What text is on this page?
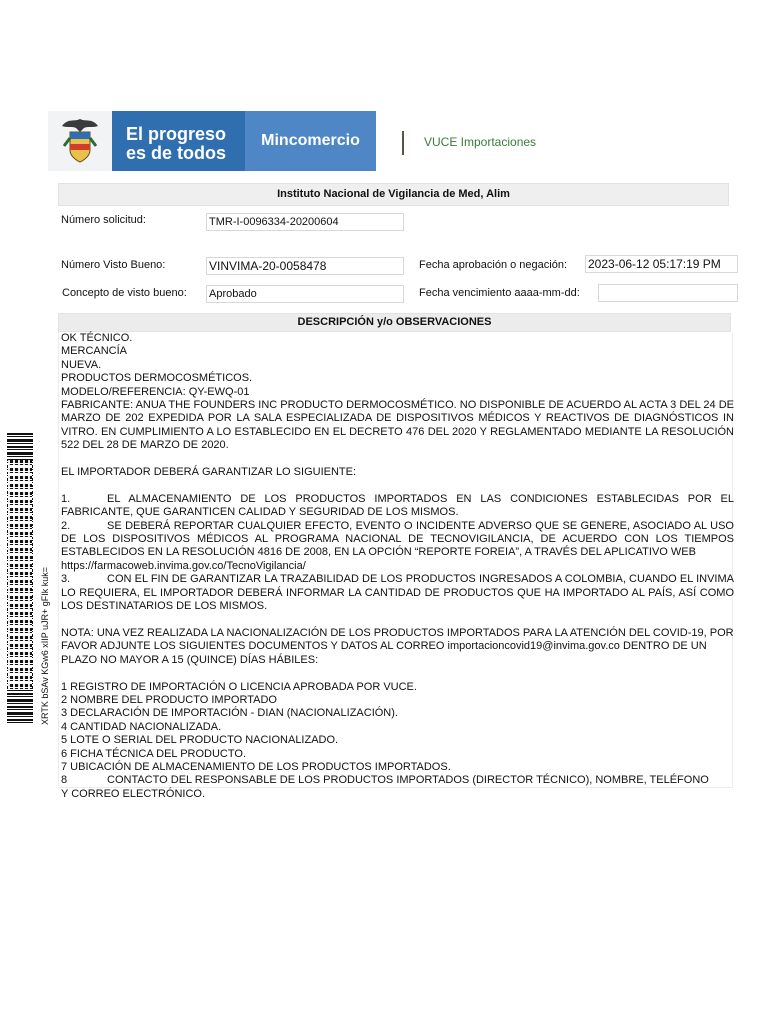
El progreso
es de todos
Mincomercio	VUCE Importaciones
Instituto Nacional de Vigilancia de Med, Alim
Número solicitud:	TMR-I-0096334-20200604
Número Visto Bueno:	VINVIMA-20-0058478	Fecha aprobación o negación: 2023-06-12 05:17:19 PM
Concepto de visto bueno: Aprobado	Fecha vencimiento aaaa-mm-dd:
DESCRIPCIÓN y/o OBSERVACIONES
OK TÉCNICO.
MERCANCÍA
NUEVA.
PRODUCTOS DERMOCOSMÉTICOS.
MODELO/REFERENCIA: QY-EWQ-01
FABRICANTE: ANUA THE FOUNDERS INC PRODUCTO DERMOCOSMÉTICO. NO DISPONIBLE DE ACUERDO AL ACTA 3 DEL 24 DE MARZO DE 202 EXPEDIDA POR LA SALA ESPECIALIZADA DE DISPOSITIVOS MÉDICOS Y REACTIVOS DE DIAGNÓSTICOS IN VITRO. EN CUMPLIMIENTO A LO ESTABLECIDO EN EL DECRETO 476 DEL 2020 Y REGLAMENTADO MEDIANTE LA RESOLUCIÓN 522 DEL 28 DE MARZO DE 2020.
EL IMPORTADOR DEBERÁ GARANTIZAR LO SIGUIENTE:
1.	EL ALMACENAMIENTO DE LOS PRODUCTOS IMPORTADOS EN LAS CONDICIONES ESTABLECIDAS POR EL FABRICANTE, QUE GARANTICEN CALIDAD Y SEGURIDAD DE LOS MISMOS.
2.	SE DEBERÁ REPORTAR CUALQUIER EFECTO, EVENTO O INCIDENTE ADVERSO QUE SE GENERE, ASOCIADO AL USO DE LOS DISPOSITIVOS MÉDICOS AL PROGRAMA NACIONAL DE TECNOVIGILANCIA, DE ACUERDO CON LOS TIEMPOS ESTABLECIDOS EN LA RESOLUCIÓN 4816 DE 2008, EN LA OPCIÓN “REPORTE FOREIA”, A TRAVÉS DEL APLICATIVO WEB
https://farmacoweb.invima.gov.co/TecnoVigilancia/
3.	CON EL FIN DE GARANTIZAR LA TRAZABILIDAD DE LOS PRODUCTOS INGRESADOS A COLOMBIA, CUANDO EL INVIMA LO REQUIERA, EL IMPORTADOR DEBERÁ INFORMAR LA CANTIDAD DE PRODUCTOS QUE HA IMPORTADO AL PAÍS, ASÍ COMO LOS DESTINATARIOS DE LOS MISMOS.
NOTA: UNA VEZ REALIZADA LA NACIONALIZACIÓN DE LOS PRODUCTOS IMPORTADOS PARA LA ATENCIÓN DEL COVID-19, POR FAVOR ADJUNTE LOS SIGUIENTES DOCUMENTOS Y DATOS AL CORREO importacioncovid19@invima.gov.co DENTRO DE UN PLAZO NO MAYOR A 15 (QUINCE) DÍAS HÁBILES:
1 REGISTRO DE IMPORTACIÓN O LICENCIA APROBADA POR VUCE.
2 NOMBRE DEL PRODUCTO IMPORTADO
3 DECLARACIÓN DE IMPORTACIÓN - DIAN (NACIONALIZACIÓN).
4 CANTIDAD NACIONALIZADA.
5 LOTE O SERIAL DEL PRODUCTO NACIONALIZADO.
6 FICHA TÉCNICA DEL PRODUCTO.
7 UBICACIÓN DE ALMACENAMIENTO DE LOS PRODUCTOS IMPORTADOS.
8	CONTACTO DEL RESPONSABLE DE LOS PRODUCTOS IMPORTADOS (DIRECTOR TÉCNICO), NOMBRE, TELÉFONO
Y CORREO ELECTRÓNICO.
XRTK bSAv KGw6 xIIP uJR+ gFIk kuk=
